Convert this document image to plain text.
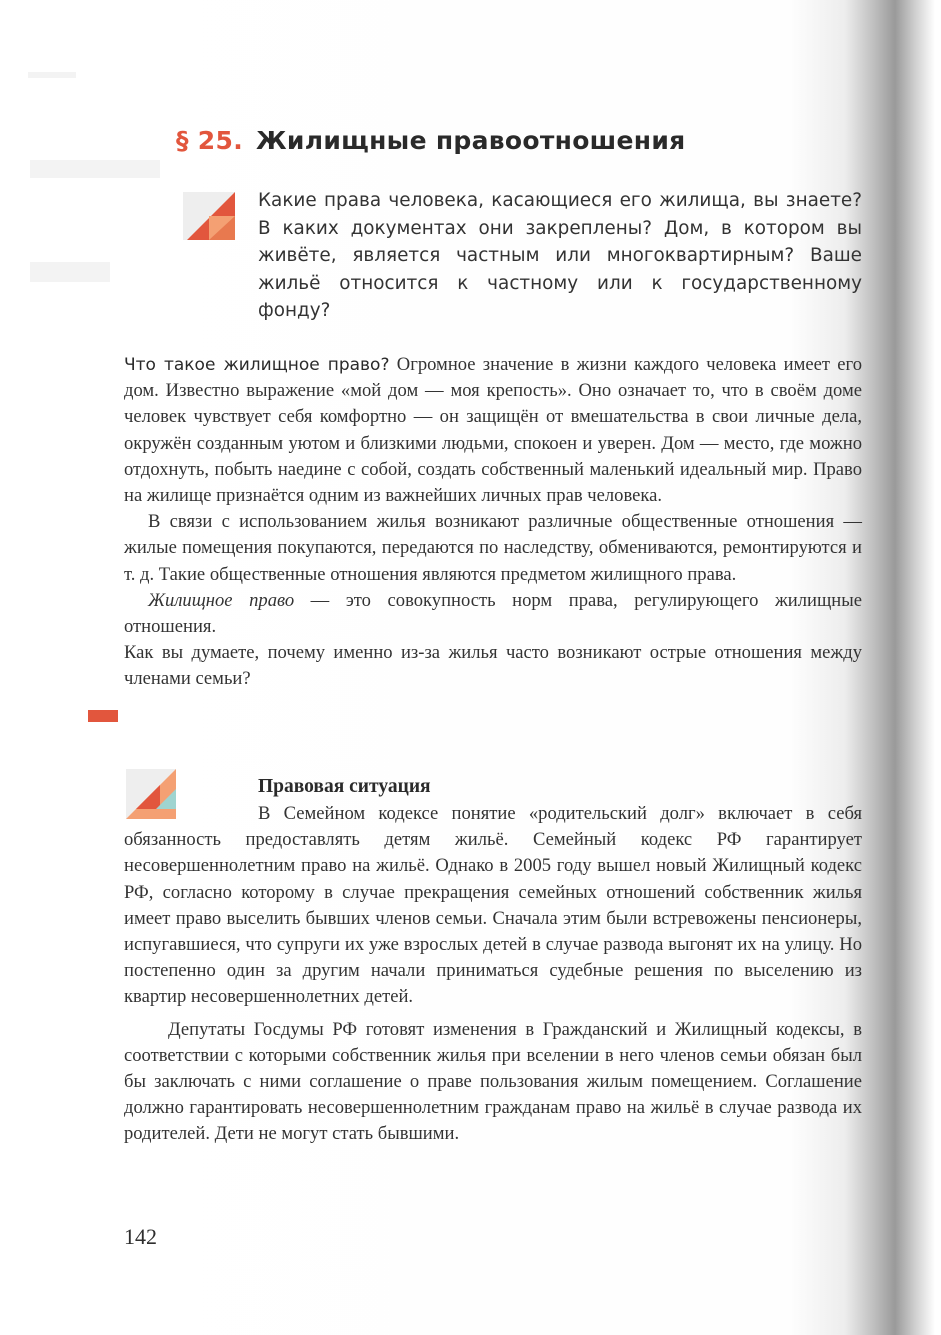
§ 25. Жилищные правоотношения
Какие права человека, касающиеся его жилища, вы знаете? В каких документах они закреплены? Дом, в котором вы живёте, является частным или многоквартирным? Ваше жильё относится к частному или к государственному фонду?

Что такое жилищное право? Огромное значение в жизни каждого человека имеет его дом. Известно выражение «мой дом — моя крепость». Оно означает то, что в своём доме человек чувствует себя комфортно — он защищён от вмешательства в свои личные дела, окружён созданным уютом и близкими людьми, спокоен и уверен. Дом — место, где можно отдохнуть, побыть наедине с собой, создать собственный маленький идеальный мир. Право на жилище признаётся одним из важнейших личных прав человека.

В связи с использованием жилья возникают различные общественные отношения — жилые помещения покупаются, передаются по наследству, обмениваются, ремонтируются и т. д. Такие общественные отношения являются предметом жилищного права.

Жилищное право — это совокупность норм права, регулирующего жилищные отношения.

Как вы думаете, почему именно из-за жилья часто возникают острые отношения между членами семьи?

Правовая ситуация

В Семейном кодексе понятие «родительский долг» включает в себя обязанность предоставлять детям жильё. Семейный кодекс РФ гарантирует несовершеннолетним право на жильё. Однако в 2005 году вышел новый Жилищный кодекс РФ, согласно которому в случае прекращения семейных отношений собственник жилья имеет право выселить бывших членов семьи. Сначала этим были встревожены пенсионеры, испугавшиеся, что супруги их уже взрослых детей в случае развода выгонят их на улицу. Но постепенно один за другим начали приниматься судебные решения по выселению из квартир несовершеннолетних детей.

Депутаты Госдумы РФ готовят изменения в Гражданский и Жилищный кодексы, в соответствии с которыми собственник жилья при вселении в него членов семьи обязан был бы заключать с ними соглашение о праве пользования жилым помещением. Соглашение должно гарантировать несовершеннолетним гражданам право на жильё в случае развода их родителей. Дети не могут стать бывшими.

142
